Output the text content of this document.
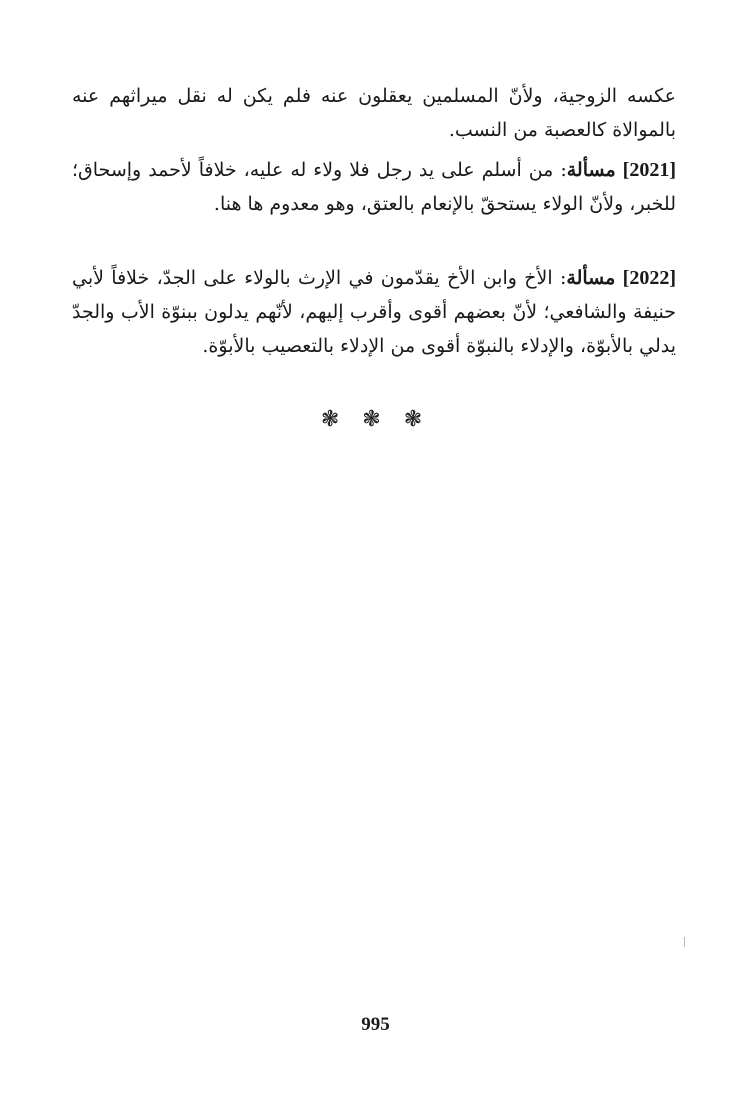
عكسه الزوجية، ولأنّ المسلمين يعقلون عنه فلم يكن له نقل ميراثهم عنه بالموالاة كالعصبة من النسب.

[2021] مسألة: من أسلم على يد رجل فلا ولاء له عليه، خلافاً لأحمد وإسحاق؛ للخبر، ولأنّ الولاء يستحقّ بالإنعام بالعتق، وهو معدوم ها هنا.

[2022] مسألة: الأخ وابن الأخ يقدّمون في الإرث بالولاء على الجدّ، خلافاً لأبي حنيفة والشافعي؛ لأنّ بعضهم أقوى وأقرب إليهم، لأنّهم يدلون ببنوّة الأب والجدّ يدلي بالأبوّة، والإدلاء بالنبوّة أقوى من الإدلاء بالتعصيب بالأبوّة.

❃ ❃ ❃
995
